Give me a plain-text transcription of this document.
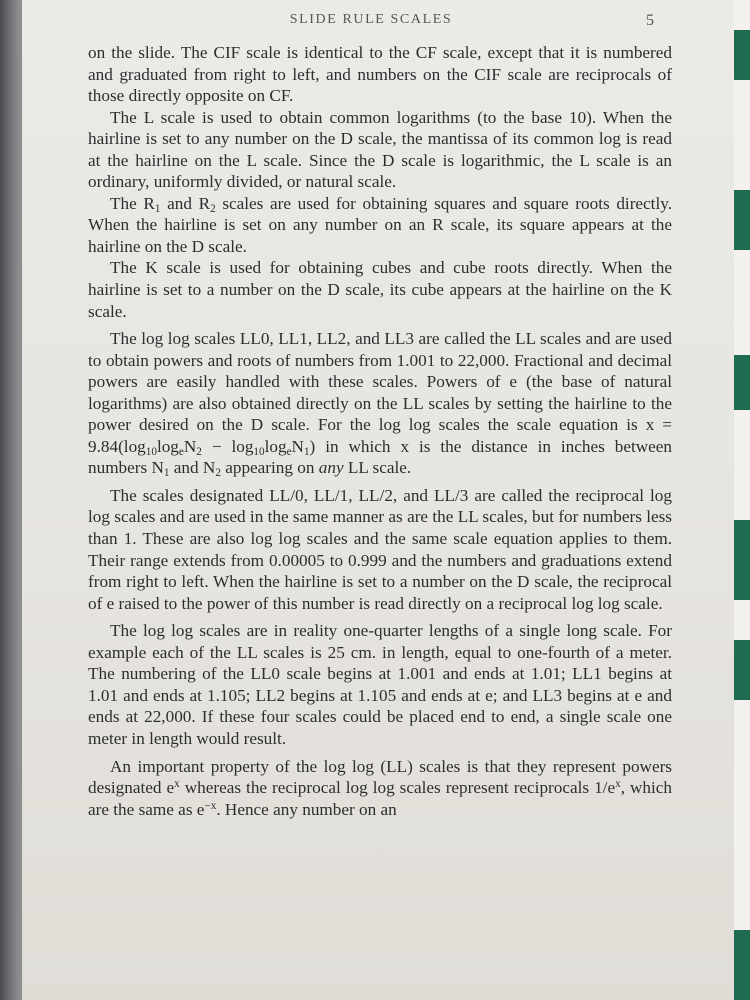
SLIDE RULE SCALES	5

on the slide. The CIF scale is identical to the CF scale, except that it is numbered and graduated from right to left, and numbers on the CIF scale are reciprocals of those directly opposite on CF.

The L scale is used to obtain common logarithms (to the base 10). When the hairline is set to any number on the D scale, the mantissa of its common log is read at the hairline on the L scale. Since the D scale is logarithmic, the L scale is an ordinary, uniformly divided, or natural scale.

The $R_1$ and $R_2$ scales are used for obtaining squares and square roots directly. When the hairline is set on any number on an R scale, its square appears at the hairline on the D scale.

The K scale is used for obtaining cubes and cube roots directly. When the hairline is set to a number on the D scale, its cube appears at the hairline on the K scale.

The log log scales LL0, LL1, LL2, and LL3 are called the LL scales and are used to obtain powers and roots of numbers from 1.001 to 22,000. Fractional and decimal powers are easily handled with these scales. Powers of e (the base of natural logarithms) are also obtained directly on the LL scales by setting the hairline to the power desired on the D scale. For the log log scales the scale equation is $x = 9.84(\log_{10}\log_eN_2 - \log_{10}\log_eN_1)$ in which x is the distance in inches between numbers $N_1$ and $N_2$ appearing on any LL scale.

The scales designated LL/0, LL/1, LL/2, and LL/3 are called the reciprocal log log scales and are used in the same manner as are the LL scales, but for numbers less than 1. These are also log log scales and the same scale equation applies to them. Their range extends from 0.00005 to 0.999 and the numbers and graduations extend from right to left. When the hairline is set to a number on the D scale, the reciprocal of e raised to the power of this number is read directly on a reciprocal log log scale.

The log log scales are in reality one-quarter lengths of a single long scale. For example each of the LL scales is 25 cm. in length, equal to one-fourth of a meter. The numbering of the LL0 scale begins at 1.001 and ends at 1.01; LL1 begins at 1.01 and ends at 1.105; LL2 begins at 1.105 and ends at e; and LL3 begins at e and ends at 22,000. If these four scales could be placed end to end, a single scale one meter in length would result.

An important property of the log log (LL) scales is that they represent powers designated $e^x$ whereas the reciprocal log log scales represent reciprocals $1/e^x$, which are the same as $e^{-x}$. Hence any number on an
